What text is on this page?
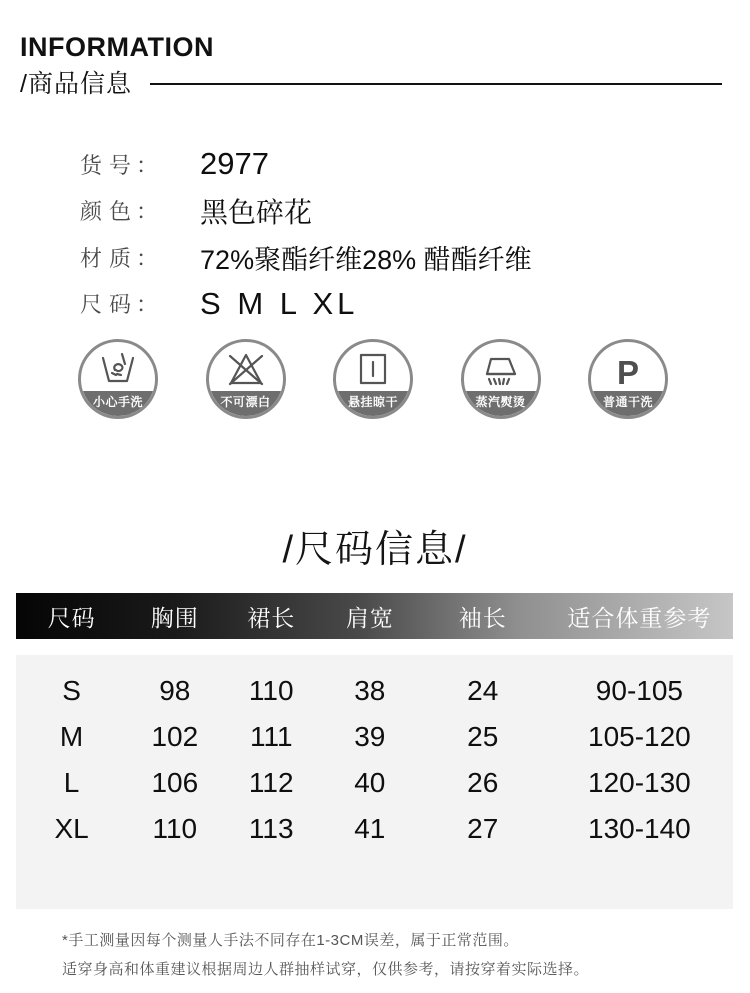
INFORMATION
/商品信息
货号
： 2977
颜色
： 黑色碎花
材质
： 72%聚酯纤维28% 醋酯纤维
尺码
： S M L XL
小心手洗	不可漂白	悬挂晾干	蒸汽熨烫
P
普通干洗
/尺码信息/
尺码	胸围	裙长	肩宽	袖长	适合体重参考
S	98	110	38	24	90-105
M	102	111	39	25	105-120
L	106	112	40	26	120-130
XL	110	113	41	27	130-140
*手工测量因每个测量人手法不同存在1-3CM误差，属于正常范围。
适穿身高和体重建议根据周边人群抽样试穿，仅供参考，请按穿着实际选择。
